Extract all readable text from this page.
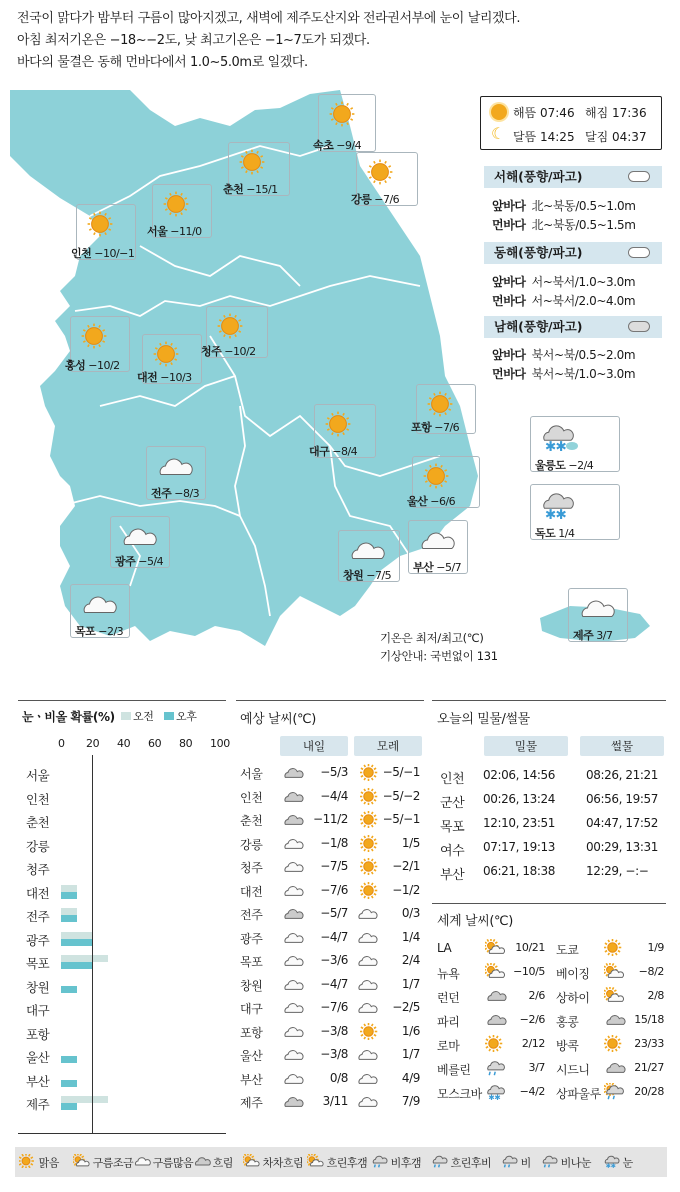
전국이 맑다가 밤부터 구름이 많아지겠고, 새벽에 제주도산지와 전라권서부에 눈이 날리겠다.
아침 최저기온은 −18~−2도, 낮 최고기온은 −1~7도가 되겠다.
바다의 물결은 동해 먼바다에서 1.0~5.0m로 일겠다.
속초 −9/4
춘천 −15/1
강릉 −7/6
서울 −11/0
인천 −10/−1
홍성 −10/2
대전 −10/3
청주 −10/2
포항 −7/6
대구 −8/4	✱ ✱
울릉도 −2/4
전주 −8/3
울산 −6/6
✱ ✱
독도 1/4
광주 −5/4
창원 −7/5
부산 −5/7
목포 −2/3	제주 3/7
해뜸 07:46 해짐 17:36
☾ 달뜸 14:25 달짐 04:37
서해(풍향/파고)
앞바다 北~북동/0.5~1.0m
먼바다 北~북동/0.5~1.5m
동해(풍향/파고)
앞바다 서~북서/1.0~3.0m
먼바다 서~북서/2.0~4.0m
남해(풍향/파고)
앞바다 북서~북/0.5~2.0m
먼바다 북서~북/1.0~3.0m
기온은 최저/최고(℃)
기상안내: 국번없이 131
눈ㆍ비올 확률(%) 오전 오후
0 20 40 60 80 100
서울
인천
춘천
강릉
청주
대전
전주
광주
목포
창원
대구
포항
울산
부산
제주
예상 날씨(℃)
내일	모레
서울	−5/3	−5/−1
인천	−4/4	−5/−2
춘천	−11/2	−5/−1
강릉	−1/8	1/5
청주	−7/5	−2/1
대전	−7/6	−1/2
전주	−5/7	0/3
광주	−4/7	1/4
목포	−3/6	2/4
창원	−4/7	1/7
대구	−7/6	−2/5
포항	−3/8	1/6
울산	−3/8	1/7
부산	0/8	4/9
제주	3/11	7/9
오늘의 밀물/썰물
밀물	썰물
인천 02:06, 14:56	08:26, 21:21
군산 00:26, 13:24	06:56, 19:57
목포 12:10, 23:51	04:47, 17:52
여수 07:17, 19:13	00:29, 13:31
부산 06:21, 18:38	12:29, −:−
세계 날씨(℃)
LA	10/21 도쿄	1/9
뉴욕	−10/5 베이징	−8/2
런던	2/6 상하이	2/8
파리	−2/6 홍콩	15/18
로마	2/12 방콕	23/33
베를린	3/7 시드니	21/27
모스크바 ✱ ✱	−4/2 상파울루	20/28
맑음	구름조금	구름많음	흐림	차차흐림	흐린후갬	비후갬	흐린후비	비	비나눈 ✱ ✱ 눈
